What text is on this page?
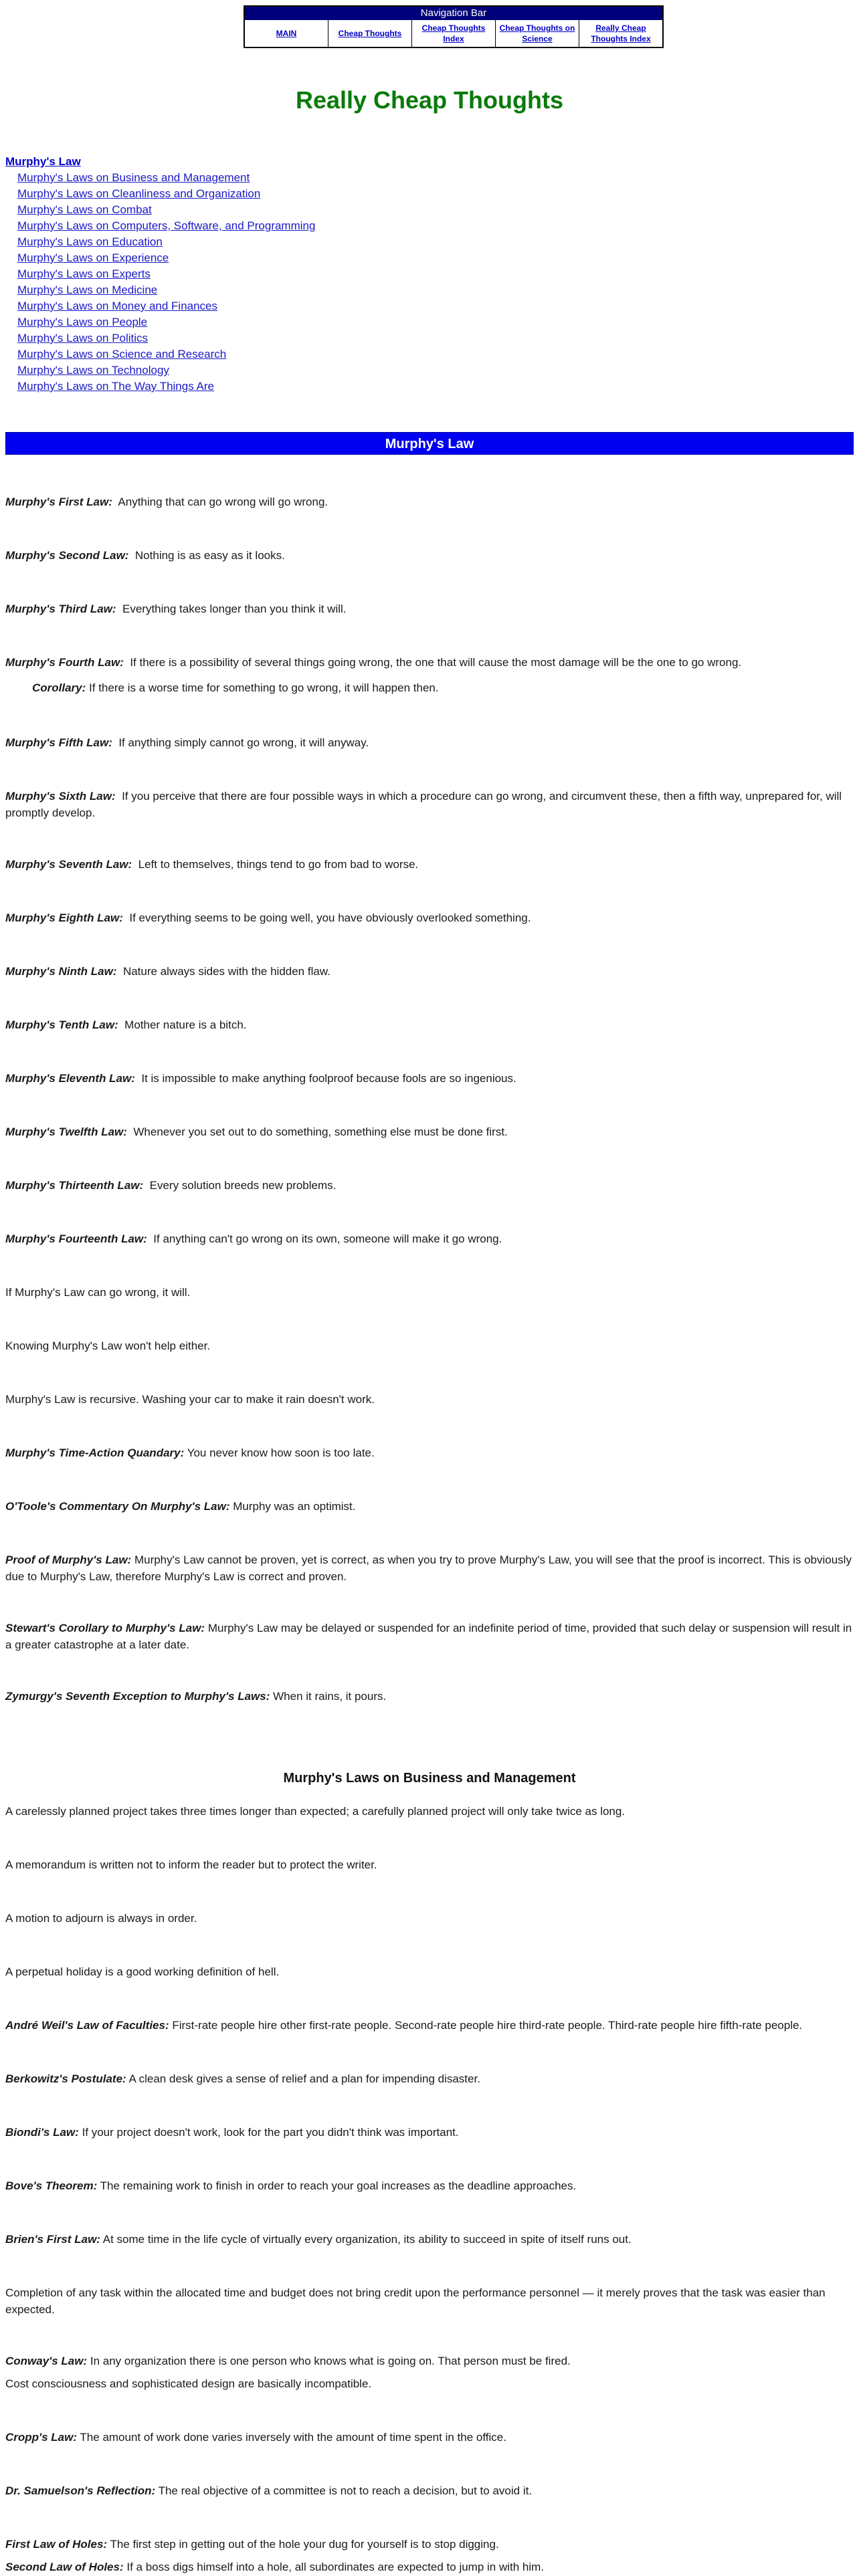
Navigation Bar
MAIN	Cheap Thoughts
Cheap Thoughts Index
Cheap Thoughts on Science
Really Cheap Thoughts Index
Really Cheap Thoughts
Murphy's Law
Murphy's Laws on Business and Management
Murphy's Laws on Cleanliness and Organization
Murphy's Laws on Combat
Murphy's Laws on Computers, Software, and Programming
Murphy's Laws on Education
Murphy's Laws on Experience
Murphy's Laws on Experts
Murphy's Laws on Medicine
Murphy's Laws on Money and Finances
Murphy's Laws on People
Murphy's Laws on Politics
Murphy's Laws on Science and Research
Murphy's Laws on Technology
Murphy's Laws on The Way Things Are
Murphy's Law
Murphy's First Law: Anything that can go wrong will go wrong.
Murphy's Second Law: Nothing is as easy as it looks.
Murphy's Third Law: Everything takes longer than you think it will.
Murphy's Fourth Law: If there is a possibility of several things going wrong, the one that will cause the most damage will be the one to go wrong.
Corollary: If there is a worse time for something to go wrong, it will happen then.
Murphy's Fifth Law: If anything simply cannot go wrong, it will anyway.
Murphy's Sixth Law: If you perceive that there are four possible ways in which a procedure can go wrong, and circumvent these, then a fifth way, unprepared for, will promptly develop.
Murphy's Seventh Law: Left to themselves, things tend to go from bad to worse.
Murphy's Eighth Law: If everything seems to be going well, you have obviously overlooked something.
Murphy's Ninth Law: Nature always sides with the hidden flaw.
Murphy's Tenth Law: Mother nature is a bitch.
Murphy's Eleventh Law: It is impossible to make anything foolproof because fools are so ingenious.
Murphy's Twelfth Law: Whenever you set out to do something, something else must be done first.
Murphy's Thirteenth Law: Every solution breeds new problems.
Murphy's Fourteenth Law: If anything can't go wrong on its own, someone will make it go wrong.
If Murphy's Law can go wrong, it will.
Knowing Murphy's Law won't help either.
Murphy's Law is recursive. Washing your car to make it rain doesn't work.
Murphy's Time-Action Quandary: You never know how soon is too late.
O'Toole's Commentary On Murphy's Law: Murphy was an optimist.
Proof of Murphy's Law: Murphy's Law cannot be proven, yet is correct, as when you try to prove Murphy's Law, you will see that the proof is incorrect. This is obviously due to Murphy's Law, therefore Murphy's Law is correct and proven.
Stewart's Corollary to Murphy's Law: Murphy's Law may be delayed or suspended for an indefinite period of time, provided that such delay or suspension will result in a greater catastrophe at a later date.
Zymurgy's Seventh Exception to Murphy's Laws: When it rains, it pours.
Murphy's Laws on Business and Management
A carelessly planned project takes three times longer than expected; a carefully planned project will only take twice as long.
A memorandum is written not to inform the reader but to protect the writer.
A motion to adjourn is always in order.
A perpetual holiday is a good working definition of hell.
André Weil's Law of Faculties: First-rate people hire other first-rate people. Second-rate people hire third-rate people. Third-rate people hire fifth-rate people.
Berkowitz's Postulate: A clean desk gives a sense of relief and a plan for impending disaster.
Biondi's Law: If your project doesn't work, look for the part you didn't think was important.
Bove's Theorem: The remaining work to finish in order to reach your goal increases as the deadline approaches.
Brien's First Law: At some time in the life cycle of virtually every organization, its ability to succeed in spite of itself runs out.
Completion of any task within the allocated time and budget does not bring credit upon the performance personnel — it merely proves that the task was easier than expected.
Conway's Law: In any organization there is one person who knows what is going on. That person must be fired.
Cost consciousness and sophisticated design are basically incompatible.
Cropp's Law: The amount of work done varies inversely with the amount of time spent in the office.
Dr. Samuelson's Reflection: The real objective of a committee is not to reach a decision, but to avoid it.
First Law of Holes: The first step in getting out of the hole your dug for yourself is to stop digging.
Second Law of Holes: If a boss digs himself into a hole, all subordinates are expected to jump in with him.
